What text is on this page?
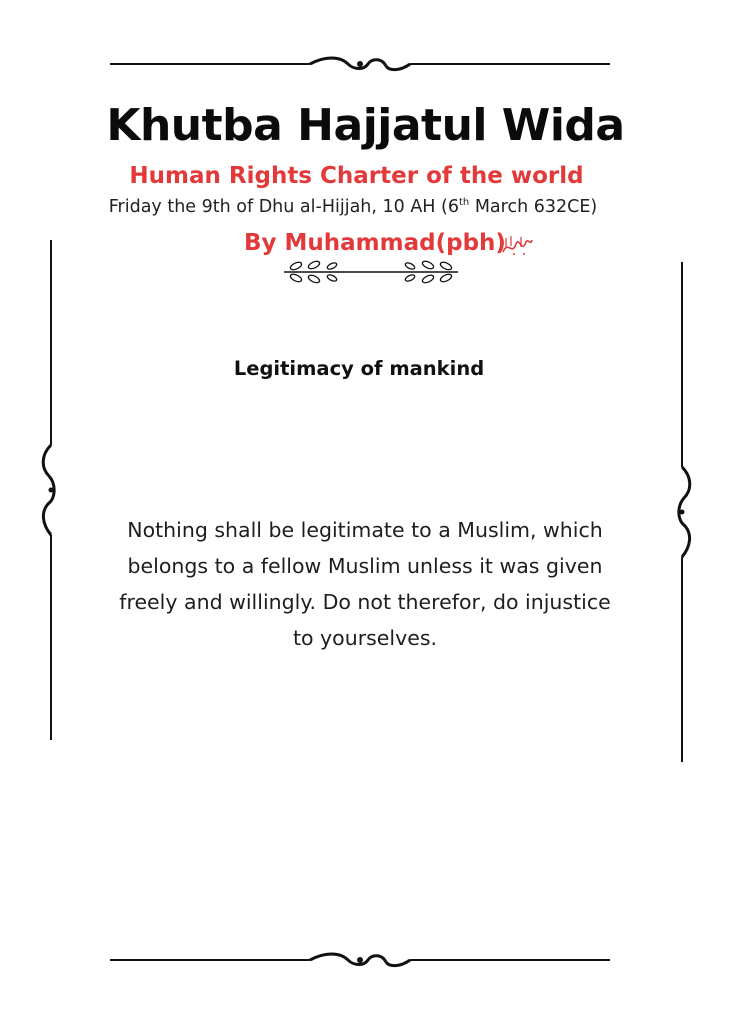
Khutba Hajjatul Wida
Human Rights Charter of the world
Friday the 9th of Dhu al-Hijjah, 10 AH (6th March 632CE)
By Muhammad(pbh)
Legitimacy of mankind
Nothing shall be legitimate to a Muslim, which belongs to a fellow Muslim unless it was given freely and willingly. Do not therefor, do injustice to yourselves.
